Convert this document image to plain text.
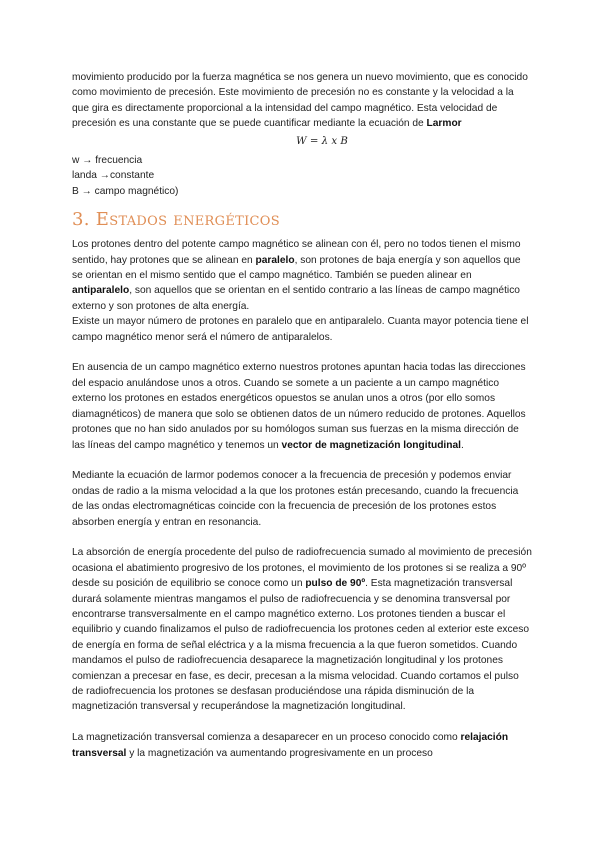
movimiento producido por la fuerza magnética se nos genera un nuevo movimiento, que es conocido como movimiento de precesión. Este movimiento de precesión no es constante y la velocidad a la que gira es directamente proporcional a la intensidad del campo magnético. Esta velocidad de precesión es una constante que se puede cuantificar mediante la ecuación de Larmor

W = λ x B

w → frecuencia

landa →constante

B → campo magnético)

3. Estados energéticos

Los protones dentro del potente campo magnético se alinean con él, pero no todos tienen el mismo sentido, hay protones que se alinean en paralelo, son protones de baja energía y son aquellos que se orientan en el mismo sentido que el campo magnético. También se pueden alinear en antiparalelo, son aquellos que se orientan en el sentido contrario a las líneas de campo magnético externo y son protones de alta energía.

Existe un mayor número de protones en paralelo que en antiparalelo. Cuanta mayor potencia tiene el campo magnético menor será el número de antiparalelos.

En ausencia de un campo magnético externo nuestros protones apuntan hacia todas las direcciones del espacio anulándose unos a otros. Cuando se somete a un paciente a un campo magnético externo los protones en estados energéticos opuestos se anulan unos a otros (por ello somos diamagnéticos) de manera que solo se obtienen datos de un número reducido de protones. Aquellos protones que no han sido anulados por su homólogos suman sus fuerzas en la misma dirección de las líneas del campo magnético y tenemos un vector de magnetización longitudinal.

Mediante la ecuación de larmor podemos conocer a la frecuencia de precesión y podemos enviar ondas de radio a la misma velocidad a la que los protones están precesando, cuando la frecuencia de las ondas electromagnéticas coincide con la frecuencia de precesión de los protones estos absorben energía y entran en resonancia.

La absorción de energía procedente del pulso de radiofrecuencia sumado al movimiento de precesión ocasiona el abatimiento progresivo de los protones, el movimiento de los protones si se realiza a 90º desde su posición de equilibrio se conoce como un pulso de 90º. Esta magnetización transversal durará solamente mientras mangamos el pulso de radiofrecuencia y se denomina transversal por encontrarse transversalmente en el campo magnético externo. Los protones tienden a buscar el equilibrio y cuando finalizamos el pulso de radiofrecuencia los protones ceden al exterior este exceso de energía en forma de señal eléctrica y a la misma frecuencia a la que fueron sometidos. Cuando mandamos el pulso de radiofrecuencia desaparece la magnetización longitudinal y los protones comienzan a precesar en fase, es decir, precesan a la misma velocidad. Cuando cortamos el pulso de radiofrecuencia los protones se desfasan produciéndose una rápida disminución de la magnetización transversal y recuperándose la magnetización longitudinal.

La magnetización transversal comienza a desaparecer en un proceso conocido como relajación transversal y la magnetización va aumentando progresivamente en un proceso
